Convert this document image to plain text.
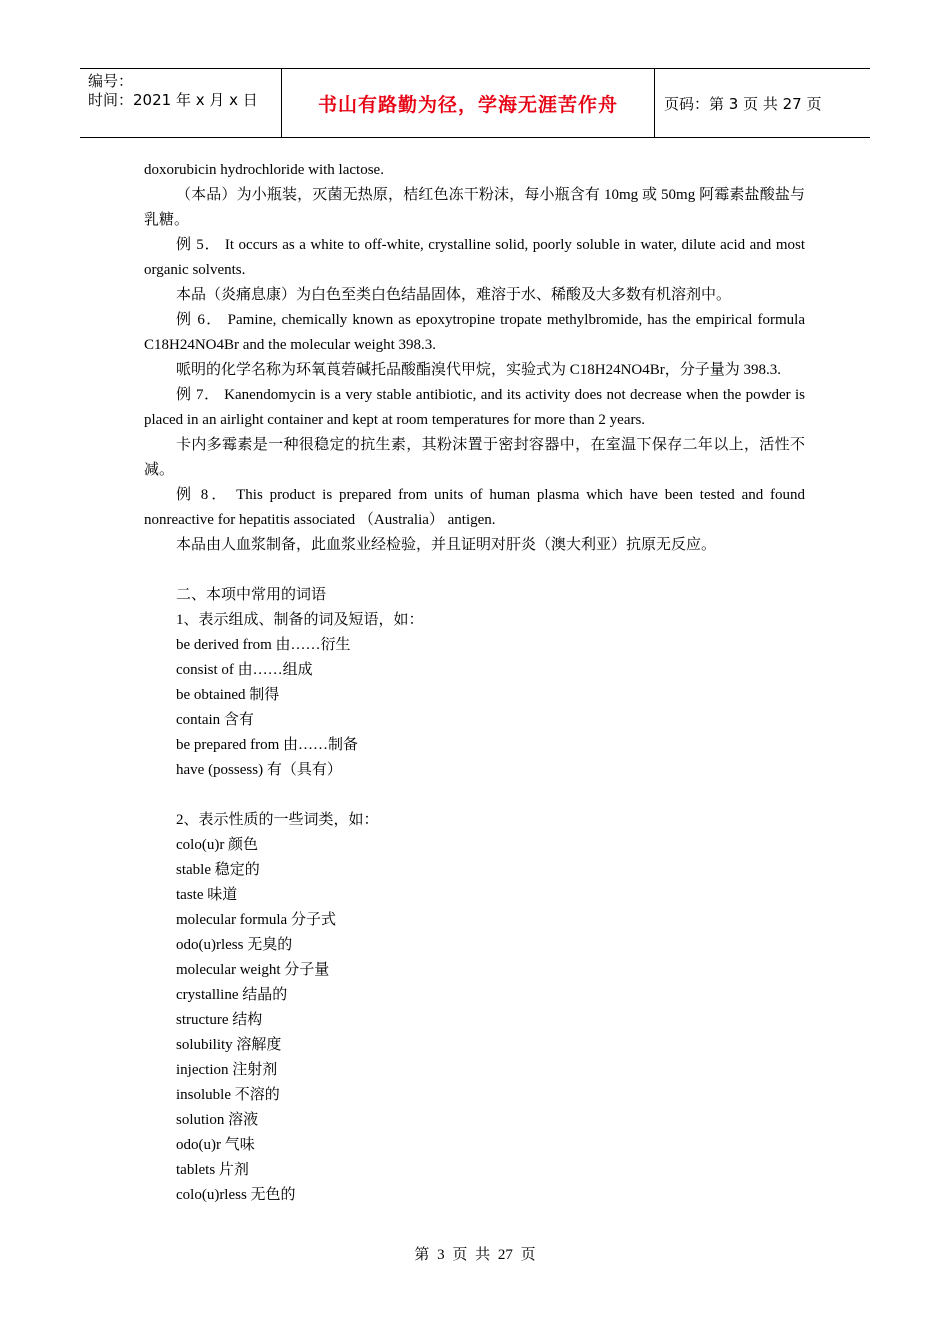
编号：
时间：2021 年 x 月 x 日	书山有路勤为径，学海无涯苦作舟	页码：第 3 页 共 27 页

doxorubicin hydrochloride with lactose.

（本品）为小瓶装，灭菌无热原，桔红色冻干粉沫，每小瓶含有 10mg 或 50mg 阿霉素盐酸盐与乳糖。

例 5． It occurs as a white to off-white, crystalline solid, poorly soluble in water, dilute acid and most organic solvents.

本品（炎痛息康）为白色至类白色结晶固体，难溶于水、稀酸及大多数有机溶剂中。

例 6． Pamine, chemically known as epoxytropine tropate methylbromide, has the empirical formula C18H24NO4Br and the molecular weight 398.3.

哌明的化学名称为环氧莨菪碱托品酸酯溴代甲烷，实验式为 C18H24NO4Br，分子量为 398.3.

例 7． Kanendomycin is a very stable antibiotic, and its activity does not decrease when the powder is placed in an airlight container and kept at room temperatures for more than 2 years.

卡内多霉素是一种很稳定的抗生素，其粉沫置于密封容器中，在室温下保存二年以上，活性不减。

例 8． This product is prepared from units of human plasma which have been tested and found nonreactive for hepatitis associated （Australia） antigen.

本品由人血浆制备，此血浆业经检验，并且证明对肝炎（澳大利亚）抗原无反应。

二、本项中常用的词语

1、表示组成、制备的词及短语，如：

be derived from 由……衍生

consist of 由……组成

be obtained 制得

contain 含有

be prepared from 由……制备

have (possess) 有（具有）

2、表示性质的一些词类，如：

colo(u)r 颜色

stable 稳定的

taste 味道

molecular formula 分子式

odo(u)rless 无臭的

molecular weight 分子量

crystalline 结晶的

structure 结构

solubility 溶解度

injection 注射剂

insoluble 不溶的

solution 溶液

odo(u)r 气味

tablets 片剂

colo(u)rless 无色的

第 3 页 共 27 页
